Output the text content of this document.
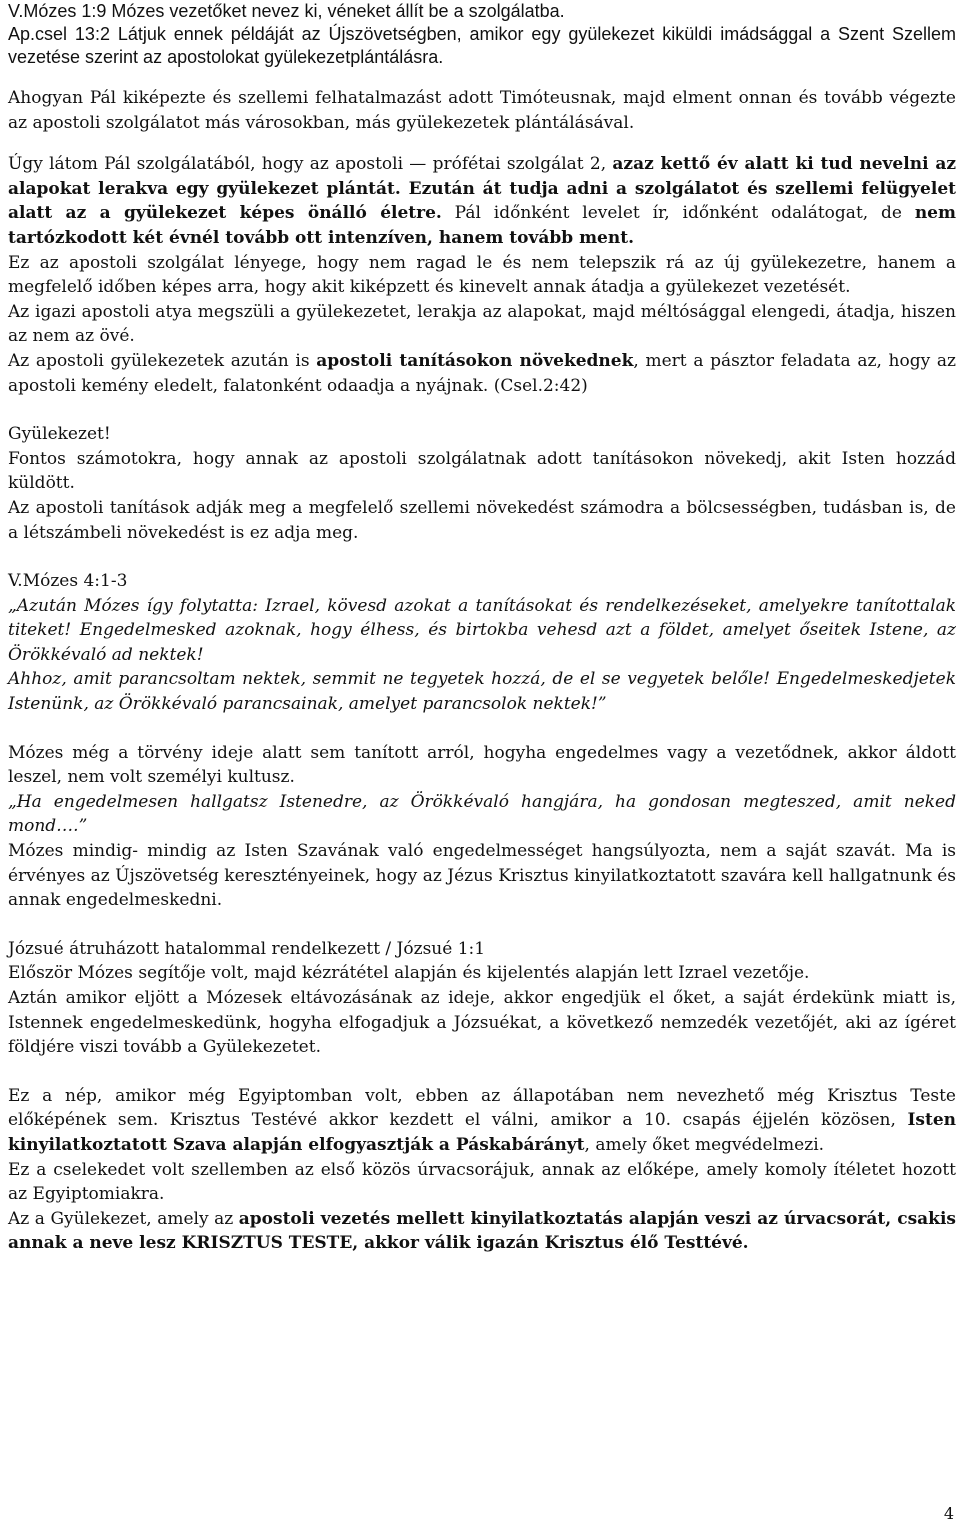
V.Mózes 1:9 Mózes vezetőket nevez ki, véneket állít be a szolgálatba.

Ap.csel 13:2 Látjuk ennek példáját az Újszövetségben, amikor egy gyülekezet kiküldi imádsággal a Szent Szellem vezetése szerint az apostolokat gyülekezetplántálásra.

Ahogyan Pál kiképezte és szellemi felhatalmazást adott Timóteusnak, majd elment onnan és tovább végezte az apostoli szolgálatot más városokban, más gyülekezetek plántálásával.

Úgy látom Pál szolgálatából, hogy az apostoli — prófétai szolgálat 2, azaz kettő év alatt ki tud nevelni az alapokat lerakva egy gyülekezet plántát. Ezután át tudja adni a szolgálatot és szellemi felügyelet alatt az a gyülekezet képes önálló életre. Pál időnként levelet ír, időnként odalátogat, de nem tartózkodott két évnél tovább ott intenzíven, hanem tovább ment.

Ez az apostoli szolgálat lényege, hogy nem ragad le és nem telepszik rá az új gyülekezetre, hanem a megfelelő időben képes arra, hogy akit kiképzett és kinevelt annak átadja a gyülekezet vezetését.

Az igazi apostoli atya megszüli a gyülekezetet, lerakja az alapokat, majd méltósággal elengedi, átadja, hiszen az nem az övé.

Az apostoli gyülekezetek azután is apostoli tanításokon növekednek, mert a pásztor feladata az, hogy az apostoli kemény eledelt, falatonként odaadja a nyájnak. (Csel.2:42)

Gyülekezet!

Fontos számotokra, hogy annak az apostoli szolgálatnak adott tanításokon növekedj, akit Isten hozzád küldött.

Az apostoli tanítások adják meg a megfelelő szellemi növekedést számodra a bölcsességben, tudásban is, de a létszámbeli növekedést is ez adja meg.

V.Mózes 4:1-3

„Azután Mózes így folytatta: Izrael, kövesd azokat a tanításokat és rendelkezéseket, amelyekre tanítottalak titeket! Engedelmesked azoknak, hogy élhess, és birtokba vehesd azt a földet, amelyet őseitek Istene, az Örökkévaló ad nektek!

Ahhoz, amit parancsoltam nektek, semmit ne tegyetek hozzá, de el se vegyetek belőle! Engedelmeskedjetek Istenünk, az Örökkévaló parancsainak, amelyet parancsolok nektek!”

Mózes még a törvény ideje alatt sem tanított arról, hogyha engedelmes vagy a vezetődnek, akkor áldott leszel, nem volt személyi kultusz.

„Ha engedelmesen hallgatsz Istenedre, az Örökkévaló hangjára, ha gondosan megteszed, amit neked mond….”

Mózes mindig- mindig az Isten Szavának való engedelmességet hangsúlyozta, nem a saját szavát. Ma is érvényes az Újszövetség keresztényeinek, hogy az Jézus Krisztus kinyilatkoztatott szavára kell hallgatnunk és annak engedelmeskedni.

Józsué átruházott hatalommal rendelkezett / Józsué 1:1

Először Mózes segítője volt, majd kézrátétel alapján és kijelentés alapján lett Izrael vezetője.

Aztán amikor eljött a Mózesek eltávozásának az ideje, akkor engedjük el őket, a saját érdekünk miatt is, Istennek engedelmeskedünk, hogyha elfogadjuk a Józsuékat, a következő nemzedék vezetőjét, aki az ígéret földjére viszi tovább a Gyülekezetet.

Ez a nép, amikor még Egyiptomban volt, ebben az állapotában nem nevezhető még Krisztus Teste előképének sem. Krisztus Testévé akkor kezdett el válni, amikor a 10. csapás éjjelén közösen, Isten kinyilatkoztatott Szava alapján elfogyasztják a Páskabárányt, amely őket megvédelmezi.

Ez a cselekedet volt szellemben az első közös úrvacsorájuk, annak az előképe, amely komoly ítéletet hozott az Egyiptomiakra.

Az a Gyülekezet, amely az apostoli vezetés mellett kinyilatkoztatás alapján veszi az úrvacsorát, csakis annak a neve lesz KRISZTUS TESTE, akkor válik igazán Krisztus élő Testtévé.

4
